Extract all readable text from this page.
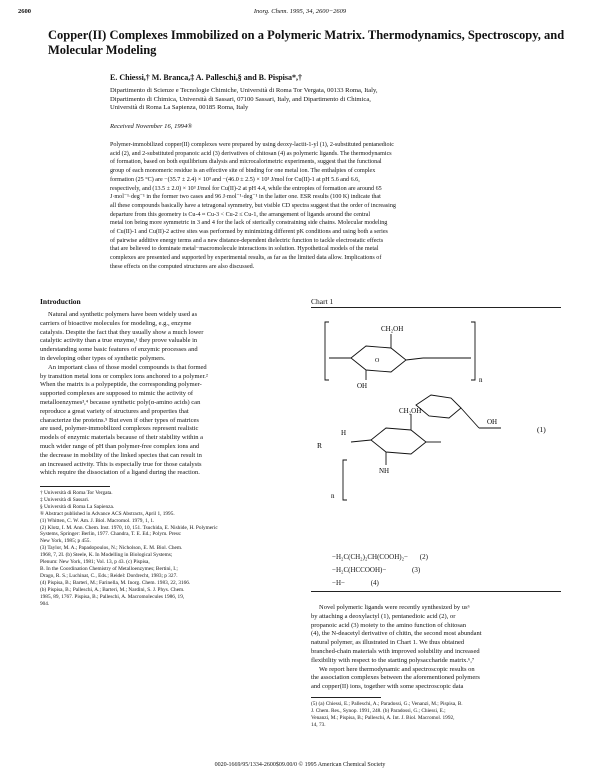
2600	Inorg. Chem. 1995, 34, 2600−2609
Copper(II) Complexes Immobilized on a Polymeric Matrix. Thermodynamics, Spectroscopy, and Molecular Modeling
E. Chiessi,† M. Branca,‡ A. Palleschi,§ and B. Pispisa*,†
Dipartimento di Scienze e Tecnologie Chimiche, Università di Roma Tor Vergata, 00133 Roma, Italy,
Dipartimento di Chimica, Università di Sassari, 07100 Sassari, Italy, and Dipartimento di Chimica,
Università di Roma La Sapienza, 00185 Roma, Italy
Received November 16, 1994®
Polymer-immobilized copper(II) complexes were prepared by using deoxy-lactit-1-yl (1), 2-substituted pentanedioic
acid (2), and 2-substituted propanoic acid (3) derivatives of chitosan (4) as polymeric ligands. The thermodynamics
of formation, based on both equilibrium dialysis and microcalorimetric experiments, suggest that the functional
group of each monomeric residue is an effective site of binding for one metal ion. The enthalpies of complex
formation (25 °C) are −(35.7 ± 2.4) × 10³ and −(46.0 ± 2.5) × 10³ J/mol for Cu(II)-1 at pH 5.6 and 6.6,
respectively, and (13.5 ± 2.0) × 10³ J/mol for Cu(II)-2 at pH 4.4, while the entropies of formation are around 65
J·mol⁻¹·deg⁻¹ in the former two cases and 96 J·mol⁻¹·deg⁻¹ in the latter one. ESR results (100 K) indicate that
all these compounds basically have a tetragonal symmetry, but visible CD spectra suggest that the order of increasing
departure from this geometry is Cu-4 ≈ Cu-3 < Cu-2 ≤ Cu-1, the arrangement of ligands around the central
metal ion being more symmetric in 3 and 4 for the lack of sterically constraining side chains. Molecular modeling
of Cu(II)-1 and Cu(II)-2 active sites was performed by minimizing different pK conditions and using both a series
of pairwise additive energy terms and a new distance-dependent dielectric function to tackle electrostatic effects
that are believed to dominate metal−macromolecule interactions in solution. Hypothetical models of the metal
complexes are presented and supported by experimental results, as far as the limited data allow. Implications of
these effects on the computed structures are also discussed.
Introduction
Natural and synthetic polymers have been widely used as
carriers of bioactive molecules for modeling, e.g., enzyme
catalysis. Despite the fact that they usually show a much lower
catalytic activity than a true enzyme,¹ they prove valuable in
understanding some basic features of enzymic processes and
in developing other types of synthetic polymers.
An important class of those model compounds is that formed
by transition metal ions or complex ions anchored to a polymer.²
When the matrix is a polypeptide, the corresponding polymer-
supported complexes are supposed to mimic the activity of
metalloenzymes³,⁴ because synthetic poly(α-amino acids) can
reproduce a great variety of structures and properties that
characterize the proteins.⁵ But even if other types of matrices
are used, polymer-immobilized complexes represent realistic
models of enzymic materials because of their stability within a
much wider range of pH than polymer-free complex ions and
the decrease in mobility of the linked species that can result in
an increased activity. This is especially true for those catalysts
which require the dissociation of a ligand during the reaction.
† Università di Roma Tor Vergata.
‡ Università di Sassari.
§ Università di Roma La Sapienza.
® Abstract published in Advance ACS Abstracts, April 1, 1995.
(1) Whitten, C. W. Am. J. Biol. Macromol. 1979, 1, 1.
(2) Klotz, I. M. Ann. Chem. Inst. 1970, 10, 151. Tsuchida, E. Nishide, H. Polymeric
Systems, Springer: Berlin, 1977. Chandra, T. E. Ed.; Polym. Press:
New York, 1985; p 455.
(3) Taylor, M. A.; Papadopoulos, N.; Nicholson, E. M. Biol. Chem.
1968, 7, 2I. (b) Steele, K. In Modelling in Biological Systems;
Plenum: New York, 1981; Vol. 13, p 43. (c) Pispisa,
B. In the Coordination Chemistry of Metalloenzymes; Bertini, I.;
Drago, R. S.; Luchinat, C., Eds.; Reidel: Dordrecht, 1983; p 327.
(4) Pispisa, B.; Barteri, M.; Farinella, M. Inorg. Chem. 1983, 22, 3166.
(b) Pispisa, B.; Palleschi, A.; Barteri, M.; Nardini, S. J. Phys. Chem.
1985, 89, 1767. Pispisa, B.; Palleschi, A. Macromolecules 1986, 19,
904.
Chart 1
CH₂OH
OH
O
n
R
H
NH
CH₂OH
OH
(1)
n
−H₂C(CH₂)₂CH(COOH)₂− (2)
−H₂C(HCCOOH)−	(3)
−H−	(4)
Novel polymeric ligands were recently synthesized by us⁶
by attaching a deoxylactyl (1), pentanedioic acid (2), or
propanoic acid (3) moiety to the amino function of chitosan
(4), the N-deacetyl derivative of chitin, the second most abundant
natural polymer, as illustrated in Chart 1. We thus obtained
branched-chain materials with improved solubility and increased
flexibility with respect to the starting polysaccharide matrix.⁶,⁷
We report here thermodynamic and spectroscopic results on
the association complexes between the aforementioned polymers
and copper(II) ions, together with some spectroscopic data
(5) (a) Chiessi, E.; Palleschi, A.; Paradossi, G.; Venanzi, M.; Pispisa, B.
J. Chem. Res., Synop. 1991, 248. (b) Paradossi, G.; Chiessi, E.;
Venanzi, M.; Pispisa, B.; Palleschi, A. Int. J. Biol. Macromol. 1992,
14, 73.
0020-1669/95/1334-2600$09.00/0 © 1995 American Chemical Society
